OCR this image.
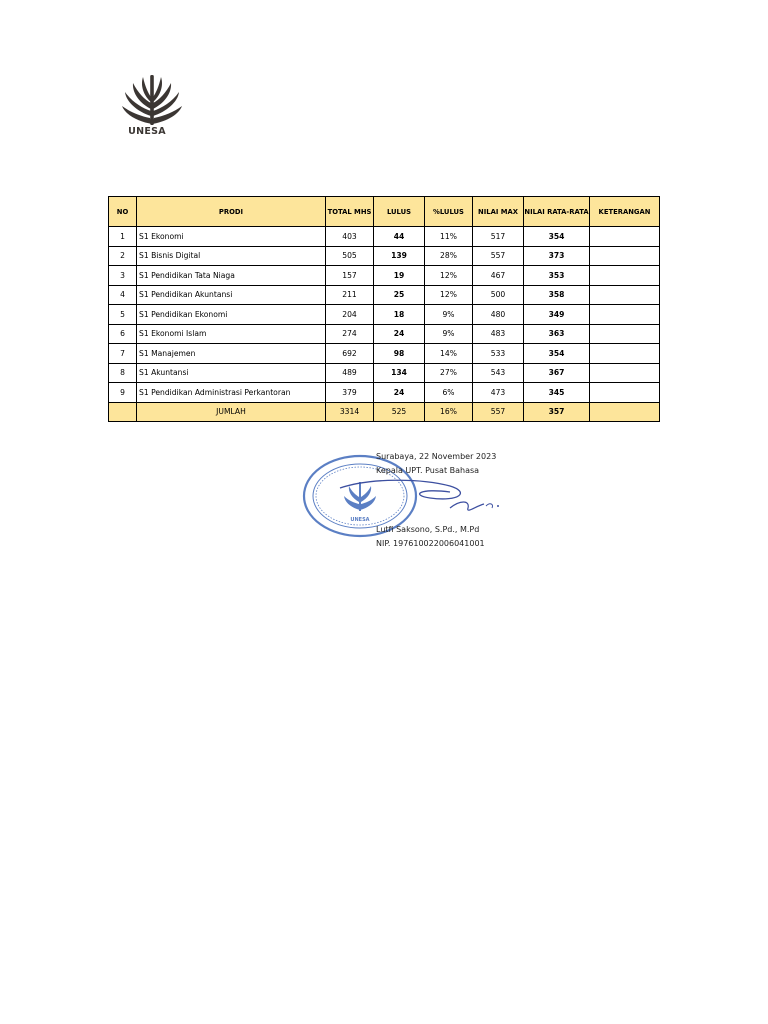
UNESA
NO	PRODI	TOTAL MHS	LULUS	%LULUS	NILAI MAX	NILAI RATA-RATA	KETERANGAN
1	S1 Ekonomi	403	44	11%	517	354	
2	S1 Bisnis Digital	505	139	28%	557	373	
3	S1 Pendidikan Tata Niaga	157	19	12%	467	353	
4	S1 Pendidikan Akuntansi	211	25	12%	500	358	
5	S1 Pendidikan Ekonomi	204	18	9%	480	349	
6	S1 Ekonomi Islam	274	24	9%	483	363	
7	S1 Manajemen	692	98	14%	533	354	
8	S1 Akuntansi	489	134	27%	543	367	
9	S1 Pendidikan Administrasi Perkantoran	379	24	6%	473	345	
	JUMLAH	3314	525	16%	557	357	
UNESA
Surabaya, 22 November 2023
Kepala UPT. Pusat Bahasa
Lutfi Saksono, S.Pd., M.Pd
NIP. 197610022006041001
